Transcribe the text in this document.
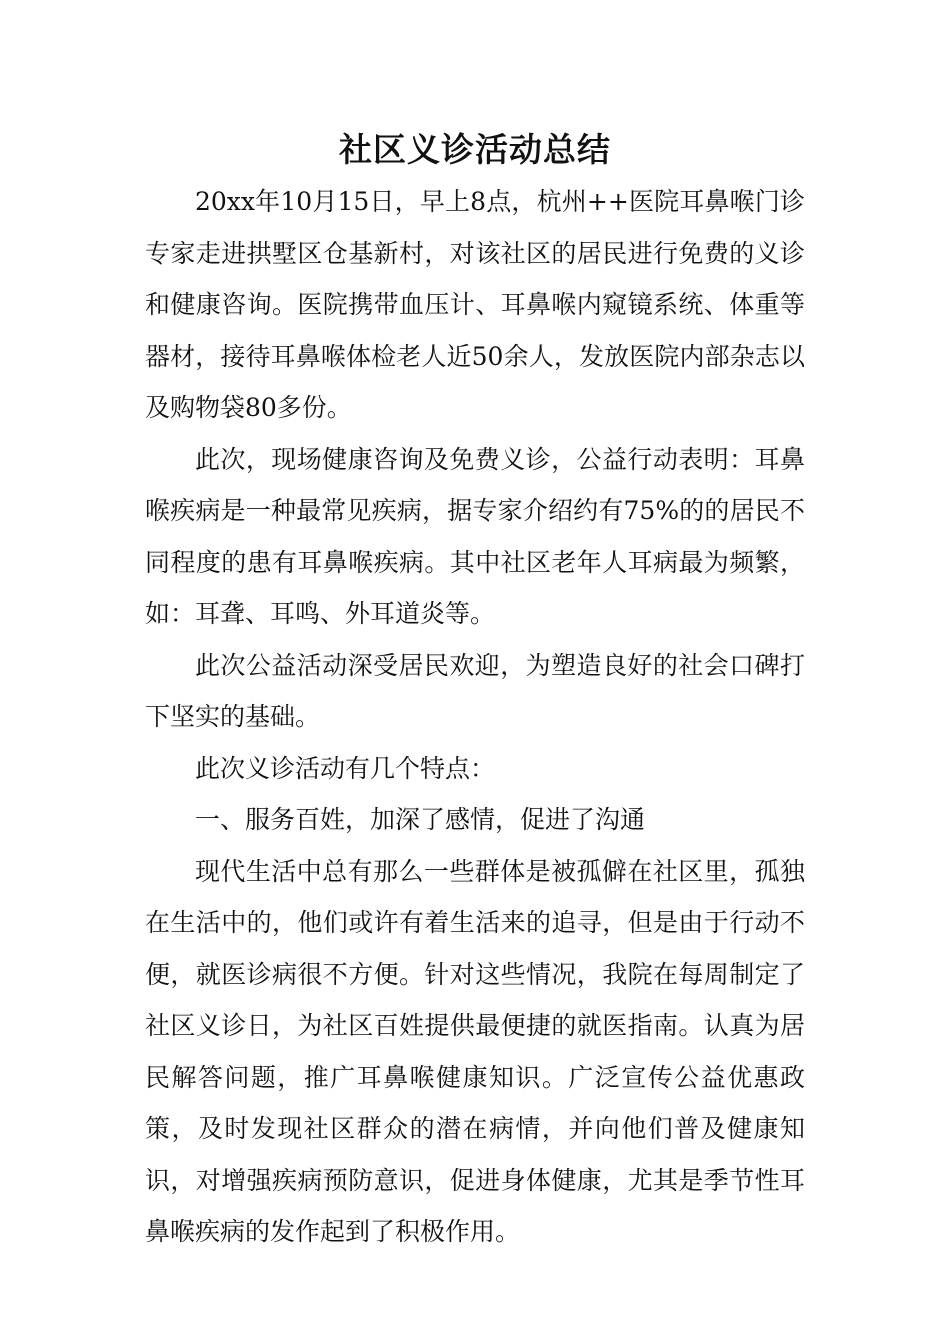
社区义诊活动总结

20xx年10月15日，早上8点，杭州++医院耳鼻喉门诊专家走进拱墅区仓基新村，对该社区的居民进行免费的义诊和健康咨询。医院携带血压计、耳鼻喉内窥镜系统、体重等器材，接待耳鼻喉体检老人近50余人，发放医院内部杂志以及购物袋80多份。

此次，现场健康咨询及免费义诊，公益行动表明：耳鼻喉疾病是一种最常见疾病，据专家介绍约有75%的的居民不同程度的患有耳鼻喉疾病。其中社区老年人耳病最为频繁，如：耳聋、耳鸣、外耳道炎等。

此次公益活动深受居民欢迎，为塑造良好的社会口碑打下坚实的基础。

此次义诊活动有几个特点：

一、服务百姓，加深了感情，促进了沟通

现代生活中总有那么一些群体是被孤僻在社区里，孤独在生活中的，他们或许有着生活来的追寻，但是由于行动不便，就医诊病很不方便。针对这些情况，我院在每周制定了社区义诊日，为社区百姓提供最便捷的就医指南。认真为居民解答问题，推广耳鼻喉健康知识。广泛宣传公益优惠政策，及时发现社区群众的潜在病情，并向他们普及健康知识，对增强疾病预防意识，促进身体健康，尤其是季节性耳鼻喉疾病的发作起到了积极作用。
